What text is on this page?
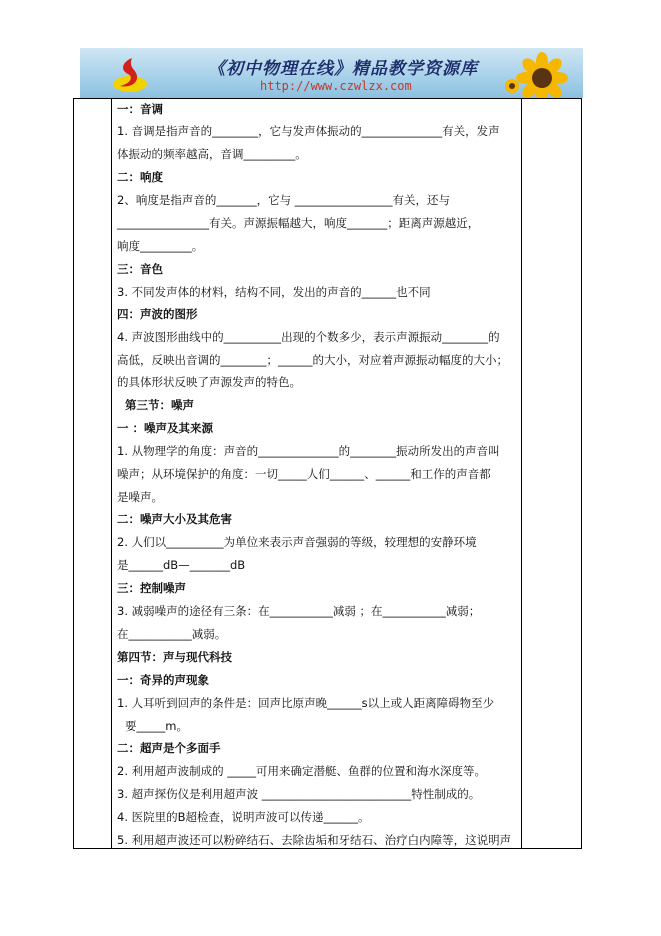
《初中物理在线》精品教学资源库
http://www.czwlzx.com
一：音调
1. 音调是指声音的________，它与发声体振动的______________有关，发声
体振动的频率越高，音调_________。
二：响度
2、响度是指声音的_______，它与 _________________有关，还与
________________有关。声源振幅越大，响度_______；距离声源越近，
响度_________。
三：音色
3. 不同发声体的材料，结构不同，发出的声音的______也不同
四：声波的图形
4. 声波图形曲线中的__________出现的个数多少，表示声源振动________的
高低，反映出音调的________；______的大小，对应着声源振动幅度的大小；
的具体形状反映了声源发声的特色。
第三节：噪声
一 ：噪声及其来源
1. 从物理学的角度：声音的______________的________振动所发出的声音叫
噪声；从环境保护的角度：一切_____人们______、______和工作的声音都
是噪声。
二：噪声大小及其危害
2. 人们以__________为单位来表示声音强弱的等级，较理想的安静环境
是______dB—_______dB
三：控制噪声
3. 减弱噪声的途径有三条：在___________减弱 ；在___________减弱；
在___________减弱。
第四节：声与现代科技
一：奇异的声现象
1. 人耳听到回声的条件是：回声比原声晚______s以上或人距离障碍物至少
要_____m。
二：超声是个多面手
2. 利用超声波制成的 _____可用来确定潜艇、鱼群的位置和海水深度等。
3. 超声探伤仪是利用超声波 __________________________特性制成的。
4. 医院里的B超检查，说明声波可以传递______。
5. 利用超声波还可以粉碎结石、去除齿垢和牙结石、治疗白内障等，这说明声
